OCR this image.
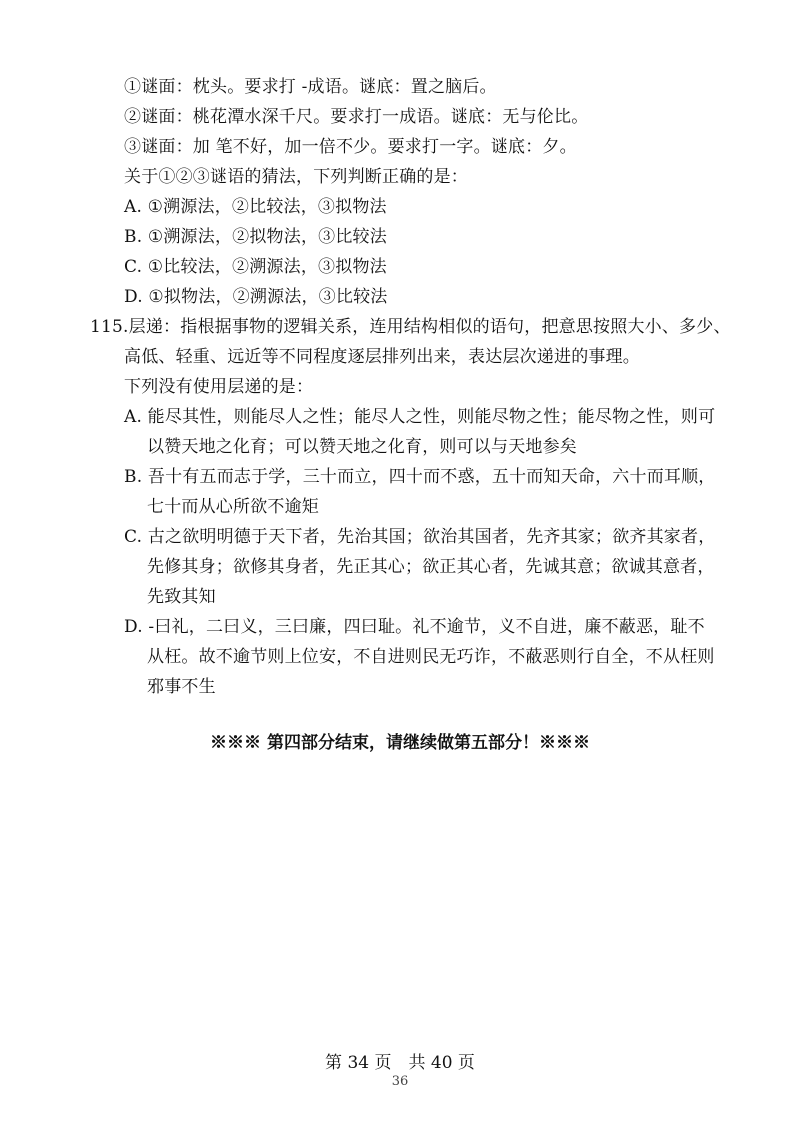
①谜面：枕头。要求打 -成语。谜底：置之脑后。
②谜面：桃花潭水深千尺。要求打一成语。谜底：无与伦比。
③谜面：加 笔不好，加一倍不少。要求打一字。谜底：夕。
关于①②③谜语的猜法，下列判断正确的是：
A. ①溯源法，②比较法，③拟物法
B. ①溯源法，②拟物法，③比较法
C. ①比较法，②溯源法，③拟物法
D. ①拟物法，②溯源法，③比较法
115.层递：指根据事物的逻辑关系，连用结构相似的语句，把意思按照大小、多少、
高低、轻重、远近等不同程度逐层排列出来，表达层次递进的事理。
下列没有使用层递的是：
A. 能尽其性，则能尽人之性；能尽人之性，则能尽物之性；能尽物之性，则可
以赞天地之化育；可以赞天地之化育，则可以与天地参矣
B. 吾十有五而志于学，三十而立，四十而不惑，五十而知天命，六十而耳顺，
七十而从心所欲不逾矩
C. 古之欲明明德于天下者，先治其国；欲治其国者，先齐其家；欲齐其家者，
先修其身；欲修其身者，先正其心；欲正其心者，先诚其意；欲诚其意者，
先致其知
D. -曰礼，二曰义，三曰廉，四曰耻。礼不逾节，义不自进，廉不蔽恶，耻不
从枉。故不逾节则上位安，不自进则民无巧诈，不蔽恶则行自全，不从枉则
邪事不生
※※※ 第四部分结束，请继续做第五部分！※※※
第 34 页　共 40 页
36
